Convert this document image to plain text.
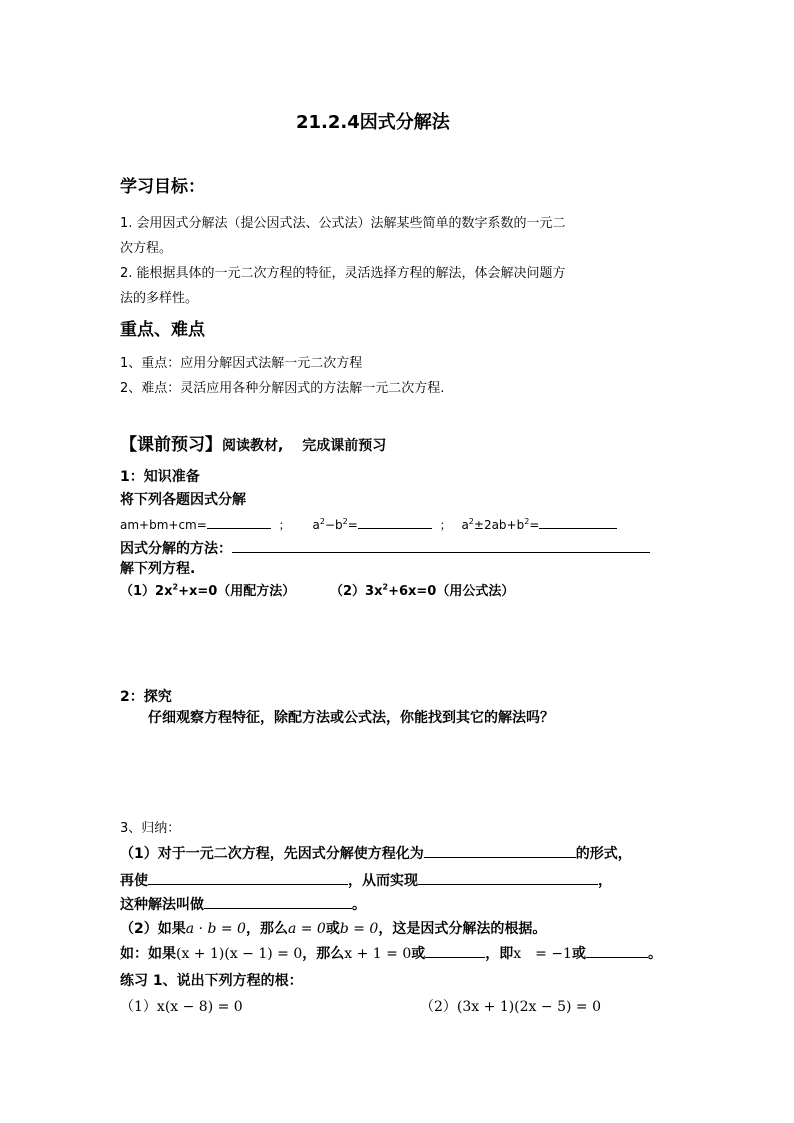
21.2.4因式分解法
学习目标：
1. 会用因式分解法（提公因式法、公式法）法解某些简单的数字系数的一元二
次方程。
2. 能根据具体的一元二次方程的特征，灵活选择方程的解法，体会解决问题方
法的多样性。
重点、难点
1、重点：应用分解因式法解一元二次方程
2、难点：灵活应用各种分解因式的方法解一元二次方程.
【课前预习】阅读教材,　 完成课前预习
1：知识准备
将下列各题因式分解
am+bm+cm=	； $a^2-b^2=$	； $a^2\pm 2ab+b^2=$
因式分解的方法：
解下列方程.
$(1)2x^2+x=0$（用配方法）	$(2)3x^2+6x=0$（用公式法）
2：探究
仔细观察方程特征，除配方法或公式法，你能找到其它的解法吗？
3、归纳：
（1）对于一元二次方程，先因式分解使方程化为	的形式，
再使	，从而实现	，
这种解法叫做	。
（2）如果a · b = 0，那么a = 0或b = 0，这是因式分解法的根据。
如：如果(x + 1)(x − 1) = 0，那么x + 1 = 0或	，即x　= −1或	。
练习 1、说出下列方程的根：
（1）x(x − 8) = 0	（2）(3x + 1)(2x − 5) = 0
